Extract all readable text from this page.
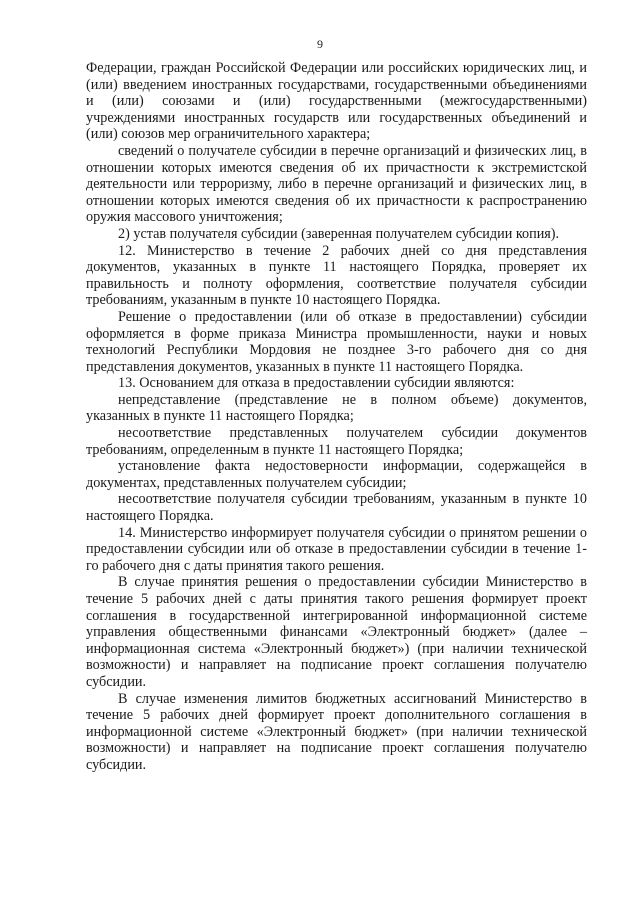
9

Федерации, граждан Российской Федерации или российских юридических лиц, и (или) введением иностранных государствами, государственными объединениями и (или) союзами и (или) государственными (межгосударственными) учреждениями иностранных государств или государственных объединений и (или) союзов мер ограничительного характера;

сведений о получателе субсидии в перечне организаций и физических лиц, в отношении которых имеются сведения об их причастности к экстремистской деятельности или терроризму, либо в перечне организаций и физических лиц, в отношении которых имеются сведения об их причастности к распространению оружия массового уничтожения;

2) устав получателя субсидии (заверенная получателем субсидии копия).

12. Министерство в течение 2 рабочих дней со дня представления документов, указанных в пункте 11 настоящего Порядка, проверяет их правильность и полноту оформления, соответствие получателя субсидии требованиям, указанным в пункте 10 настоящего Порядка.

Решение о предоставлении (или об отказе в предоставлении) субсидии оформляется в форме приказа Министра промышленности, науки и новых технологий Республики Мордовия не позднее 3-го рабочего дня со дня представления документов, указанных в пункте 11 настоящего Порядка.

13. Основанием для отказа в предоставлении субсидии являются:

непредставление (представление не в полном объеме) документов, указанных в пункте 11 настоящего Порядка;

несоответствие представленных получателем субсидии документов требованиям, определенным в пункте 11 настоящего Порядка;

установление факта недостоверности информации, содержащейся в документах, представленных получателем субсидии;

несоответствие получателя субсидии требованиям, указанным в пункте 10 настоящего Порядка.

14. Министерство информирует получателя субсидии о принятом решении о предоставлении субсидии или об отказе в предоставлении субсидии в течение 1-го рабочего дня с даты принятия такого решения.

В случае принятия решения о предоставлении субсидии Министерство в течение 5 рабочих дней с даты принятия такого решения формирует проект соглашения в государственной интегрированной информационной системе управления общественными финансами «Электронный бюджет» (далее – информационная система «Электронный бюджет») (при наличии технической возможности) и направляет на подписание проект соглашения получателю субсидии.

В случае изменения лимитов бюджетных ассигнований Министерство в течение 5 рабочих дней формирует проект дополнительного соглашения в информационной системе «Электронный бюджет» (при наличии технической возможности) и направляет на подписание проект соглашения получателю субсидии.
